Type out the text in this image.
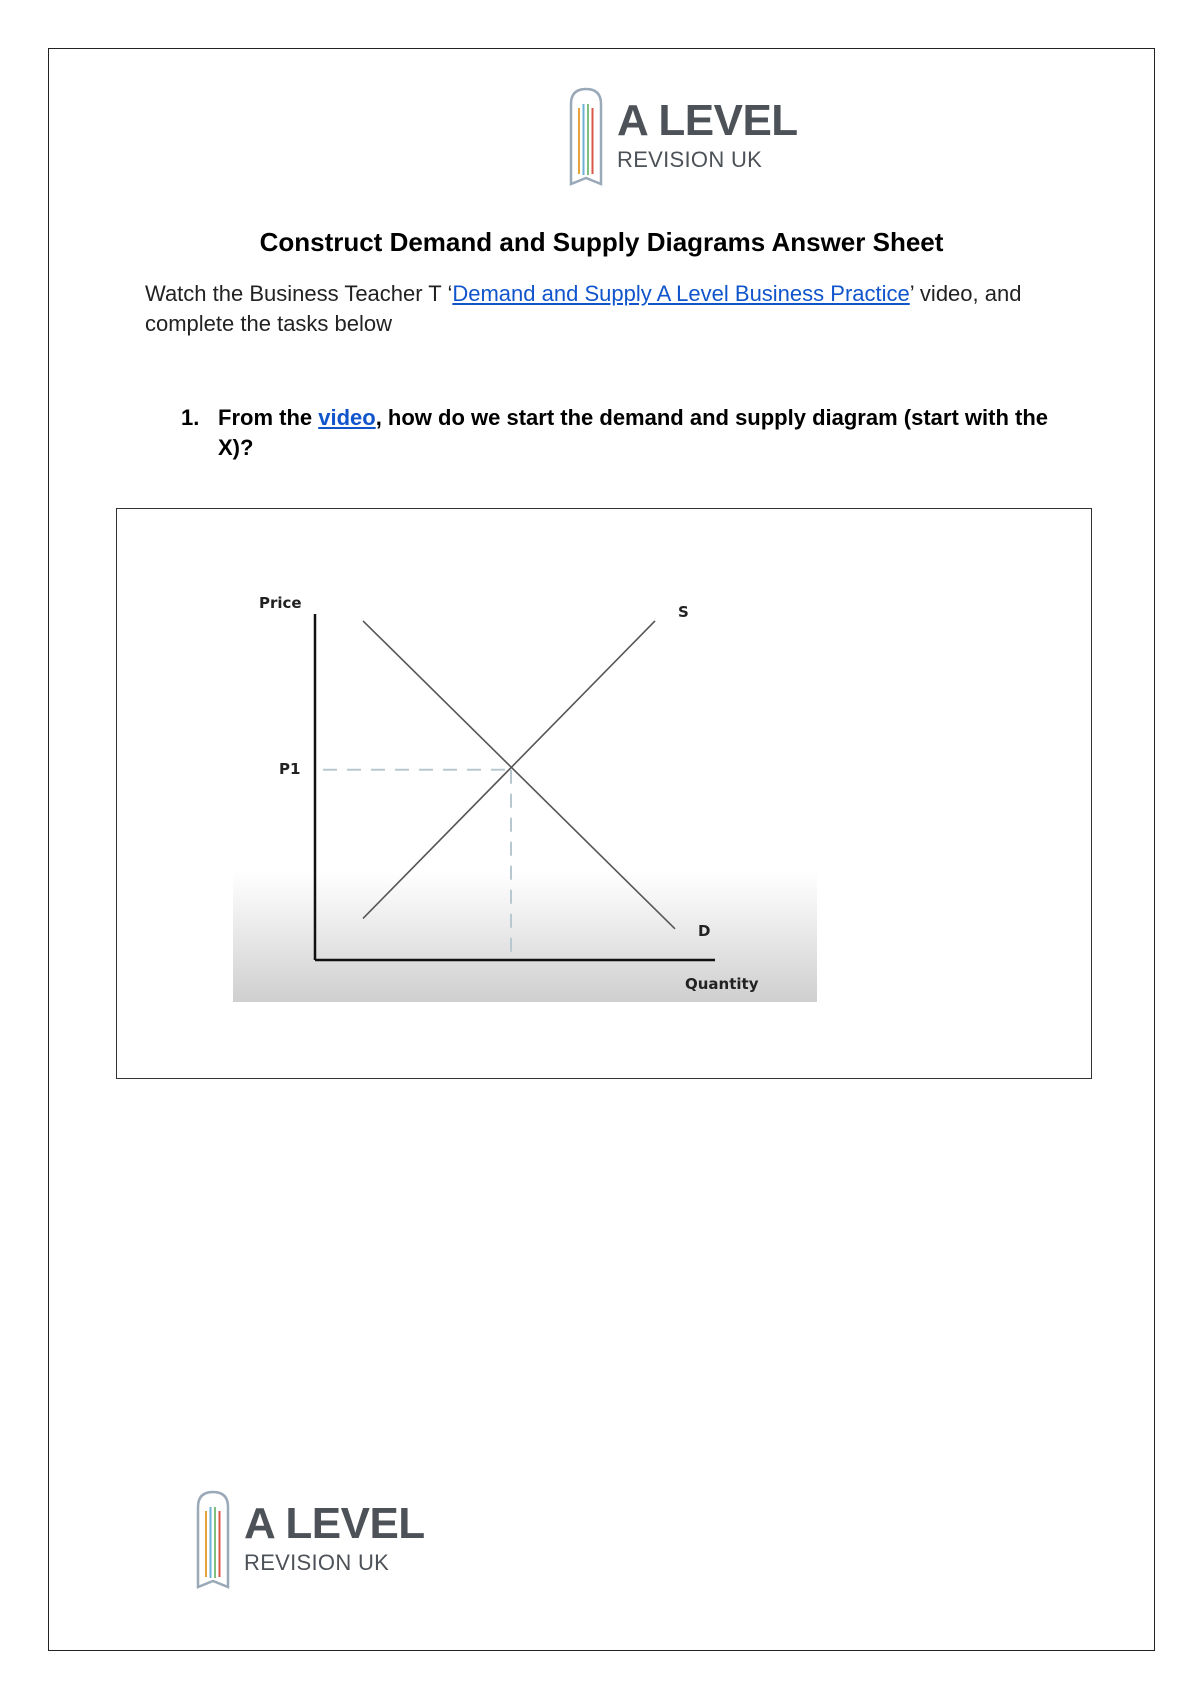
A LEVEL
REVISION UK
Construct Demand and Supply Diagrams Answer Sheet
Watch the Business Teacher T ‘Demand and Supply A Level Business Practice’ video, and complete the tasks below
1. From the video, how do we start the demand and supply diagram (start with the X)?
Price
Quantity
P1
S
D
A LEVEL
REVISION UK
